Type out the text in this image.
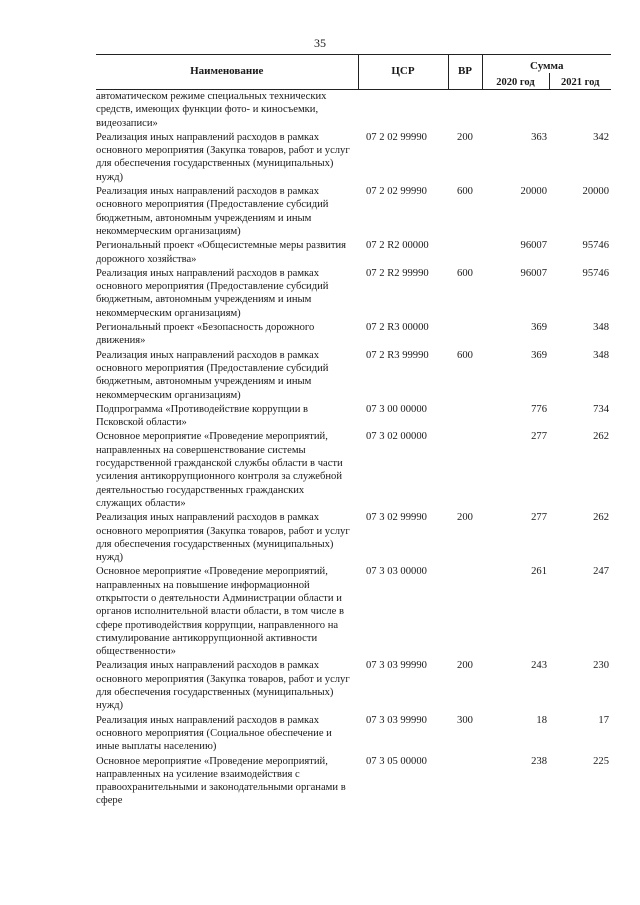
35
Наименование	ЦСР	ВР	Сумма	
			2020 год	2021 год
автоматическом режиме специальных технических средств, имеющих функции фото- и киносъемки, видеозаписи»				
Реализация иных направлений расходов в рамках основного мероприятия (Закупка товаров, работ и услуг для обеспечения государственных (муниципальных) нужд)	07 2 02 99990	200	363	342
Реализация иных направлений расходов в рамках основного мероприятия (Предоставление субсидий бюджетным, автономным учреждениям и иным некоммерческим организациям)	07 2 02 99990	600	20000	20000
Региональный проект «Общесистемные меры развития дорожного хозяйства»	07 2 R2 00000		96007	95746
Реализация иных направлений расходов в рамках основного мероприятия (Предоставление субсидий бюджетным, автономным учреждениям и иным некоммерческим организациям)	07 2 R2 99990	600	96007	95746
Региональный проект «Безопасность дорожного движения»	07 2 R3 00000		369	348
Реализация иных направлений расходов в рамках основного мероприятия (Предоставление субсидий бюджетным, автономным учреждениям и иным некоммерческим организациям)	07 2 R3 99990	600	369	348
Подпрограмма «Противодействие коррупции в Псковской области»	07 3 00 00000		776	734
Основное мероприятие «Проведение мероприятий, направленных на совершенствование системы государственной гражданской службы области в части усиления антикоррупционного контроля за служебной деятельностью государственных гражданских служащих области»	07 3 02 00000		277	262
Реализация иных направлений расходов в рамках основного мероприятия (Закупка товаров, работ и услуг для обеспечения государственных (муниципальных) нужд)	07 3 02 99990	200	277	262
Основное мероприятие «Проведение мероприятий, направленных на повышение информационной открытости о деятельности Администрации области и органов исполнительной власти области, в том числе в сфере противодействия коррупции, направленного на стимулирование антикоррупционной активности общественности»	07 3 03 00000		261	247
Реализация иных направлений расходов в рамках основного мероприятия (Закупка товаров, работ и услуг для обеспечения государственных (муниципальных) нужд)	07 3 03 99990	200	243	230
Реализация иных направлений расходов в рамках основного мероприятия (Социальное обеспечение и иные выплаты населению)	07 3 03 99990	300	18	17
Основное мероприятие «Проведение мероприятий, направленных на усиление взаимодействия с правоохранительными и законодательными органами в сфере	07 3 05 00000		238	225
